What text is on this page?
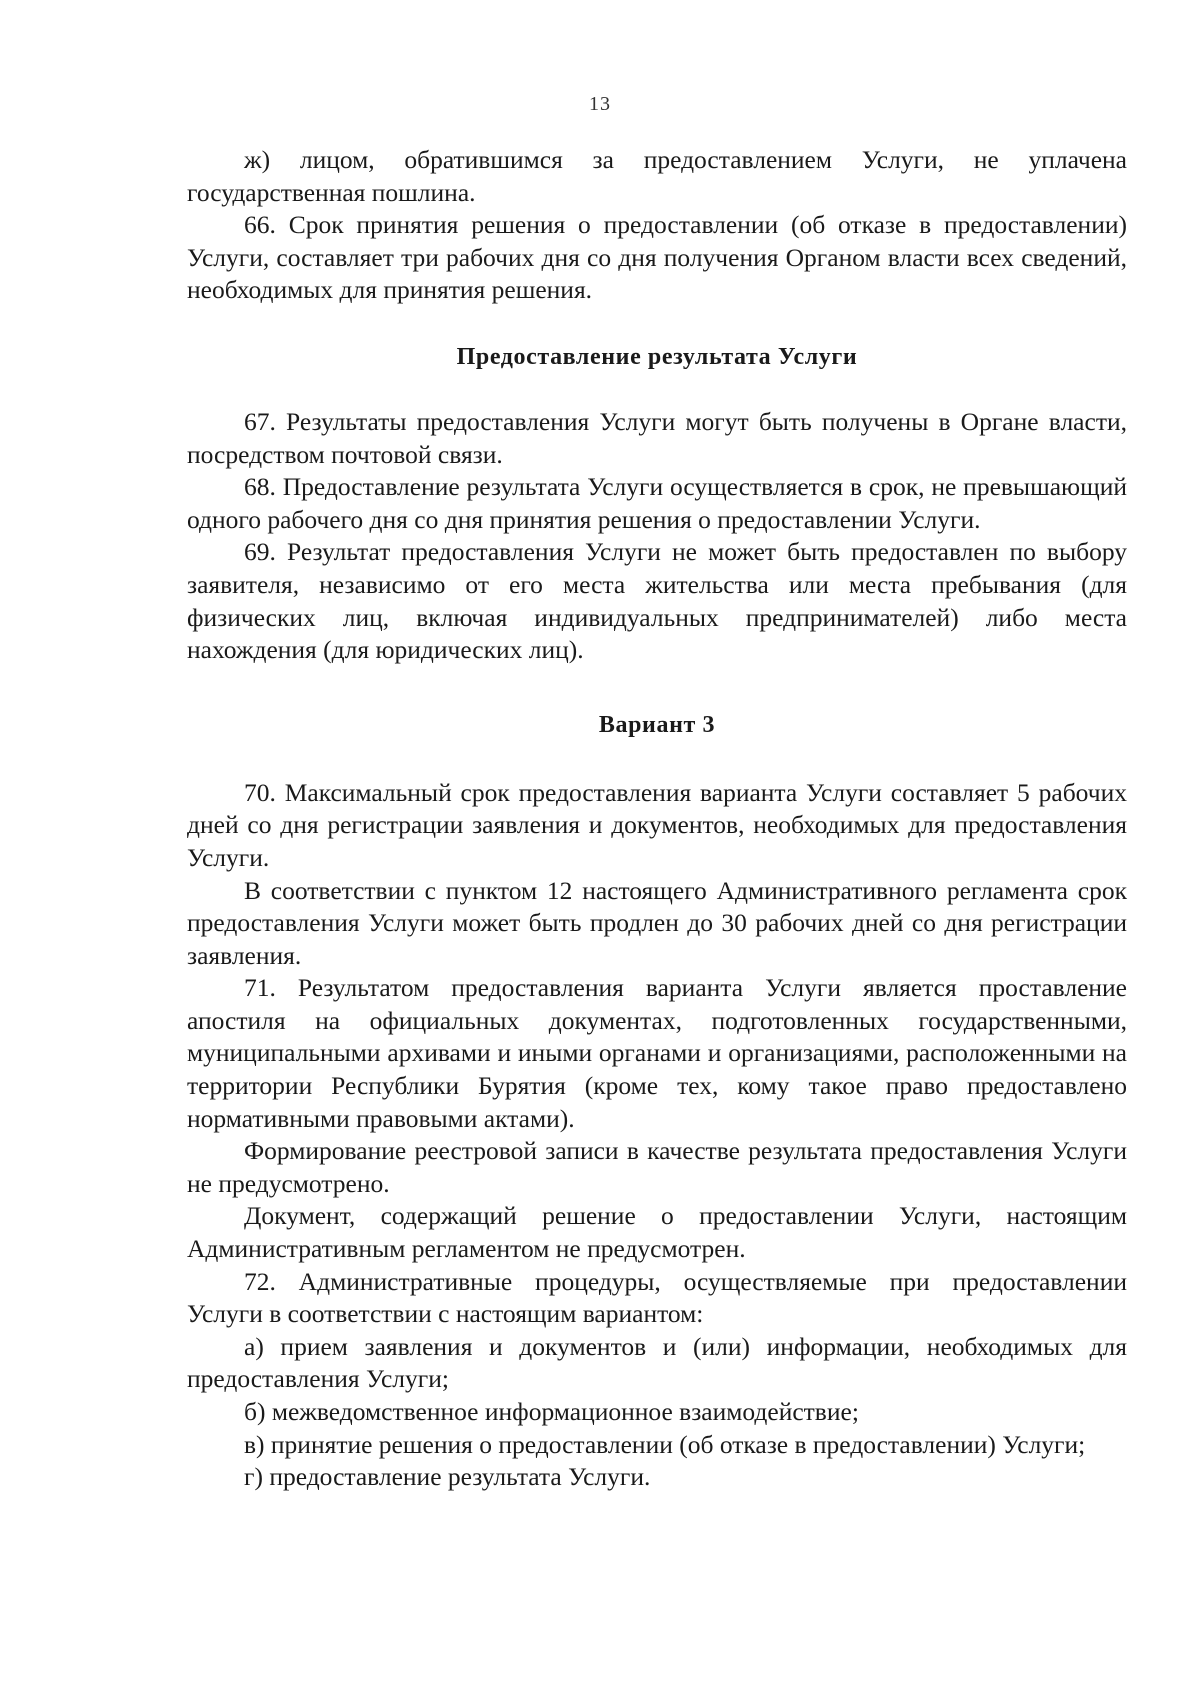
13

ж) лицом, обратившимся за предоставлением Услуги, не уплачена государственная пошлина.

66. Срок принятия решения о предоставлении (об отказе в предоставлении) Услуги, составляет три рабочих дня со дня получения Органом власти всех сведений, необходимых для принятия решения.

Предоставление результата Услуги

67. Результаты предоставления Услуги могут быть получены в Органе власти, посредством почтовой связи.

68. Предоставление результата Услуги осуществляется в срок, не превышающий одного рабочего дня со дня принятия решения о предоставлении Услуги.

69. Результат предоставления Услуги не может быть предоставлен по выбору заявителя, независимо от его места жительства или места пребывания (для физических лиц, включая индивидуальных предпринимателей) либо места нахождения (для юридических лиц).

Вариант 3

70. Максимальный срок предоставления варианта Услуги составляет 5 рабочих дней со дня регистрации заявления и документов, необходимых для предоставления Услуги.

В соответствии с пунктом 12 настоящего Административного регламента срок предоставления Услуги может быть продлен до 30 рабочих дней со дня регистрации заявления.

71. Результатом предоставления варианта Услуги является проставление апостиля на официальных документах, подготовленных государственными, муниципальными архивами и иными органами и организациями, расположенными на территории Республики Бурятия (кроме тех, кому такое право предоставлено нормативными правовыми актами).

Формирование реестровой записи в качестве результата предоставления Услуги не предусмотрено.

Документ, содержащий решение о предоставлении Услуги, настоящим Административным регламентом не предусмотрен.

72. Административные процедуры, осуществляемые при предоставлении Услуги в соответствии с настоящим вариантом:

а) прием заявления и документов и (или) информации, необходимых для предоставления Услуги;

б) межведомственное информационное взаимодействие;

в) принятие решения о предоставлении (об отказе в предоставлении) Услуги;

г) предоставление результата Услуги.
